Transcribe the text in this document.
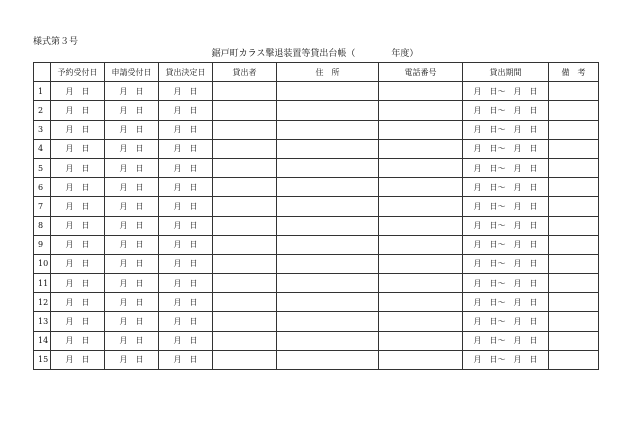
様式第３号
鋸戸町カラス撃退装置等貸出台帳（　　　　年度）
	予約受付日	申請受付日	貸出決定日	貸出者	住　所	電話番号	貸出期間	備　考
1	月　日	月　日	月　日				月　日～　月　日	
2	月　日	月　日	月　日				月　日～　月　日	
3	月　日	月　日	月　日				月　日～　月　日	
4	月　日	月　日	月　日				月　日～　月　日	
5	月　日	月　日	月　日				月　日～　月　日	
6	月　日	月　日	月　日				月　日～　月　日	
7	月　日	月　日	月　日				月　日～　月　日	
8	月　日	月　日	月　日				月　日～　月　日	
9	月　日	月　日	月　日				月　日～　月　日	
10	月　日	月　日	月　日				月　日～　月　日	
11	月　日	月　日	月　日				月　日～　月　日	
12	月　日	月　日	月　日				月　日～　月　日	
13	月　日	月　日	月　日				月　日～　月　日	
14	月　日	月　日	月　日				月　日～　月　日	
15	月　日	月　日	月　日				月　日～　月　日	
